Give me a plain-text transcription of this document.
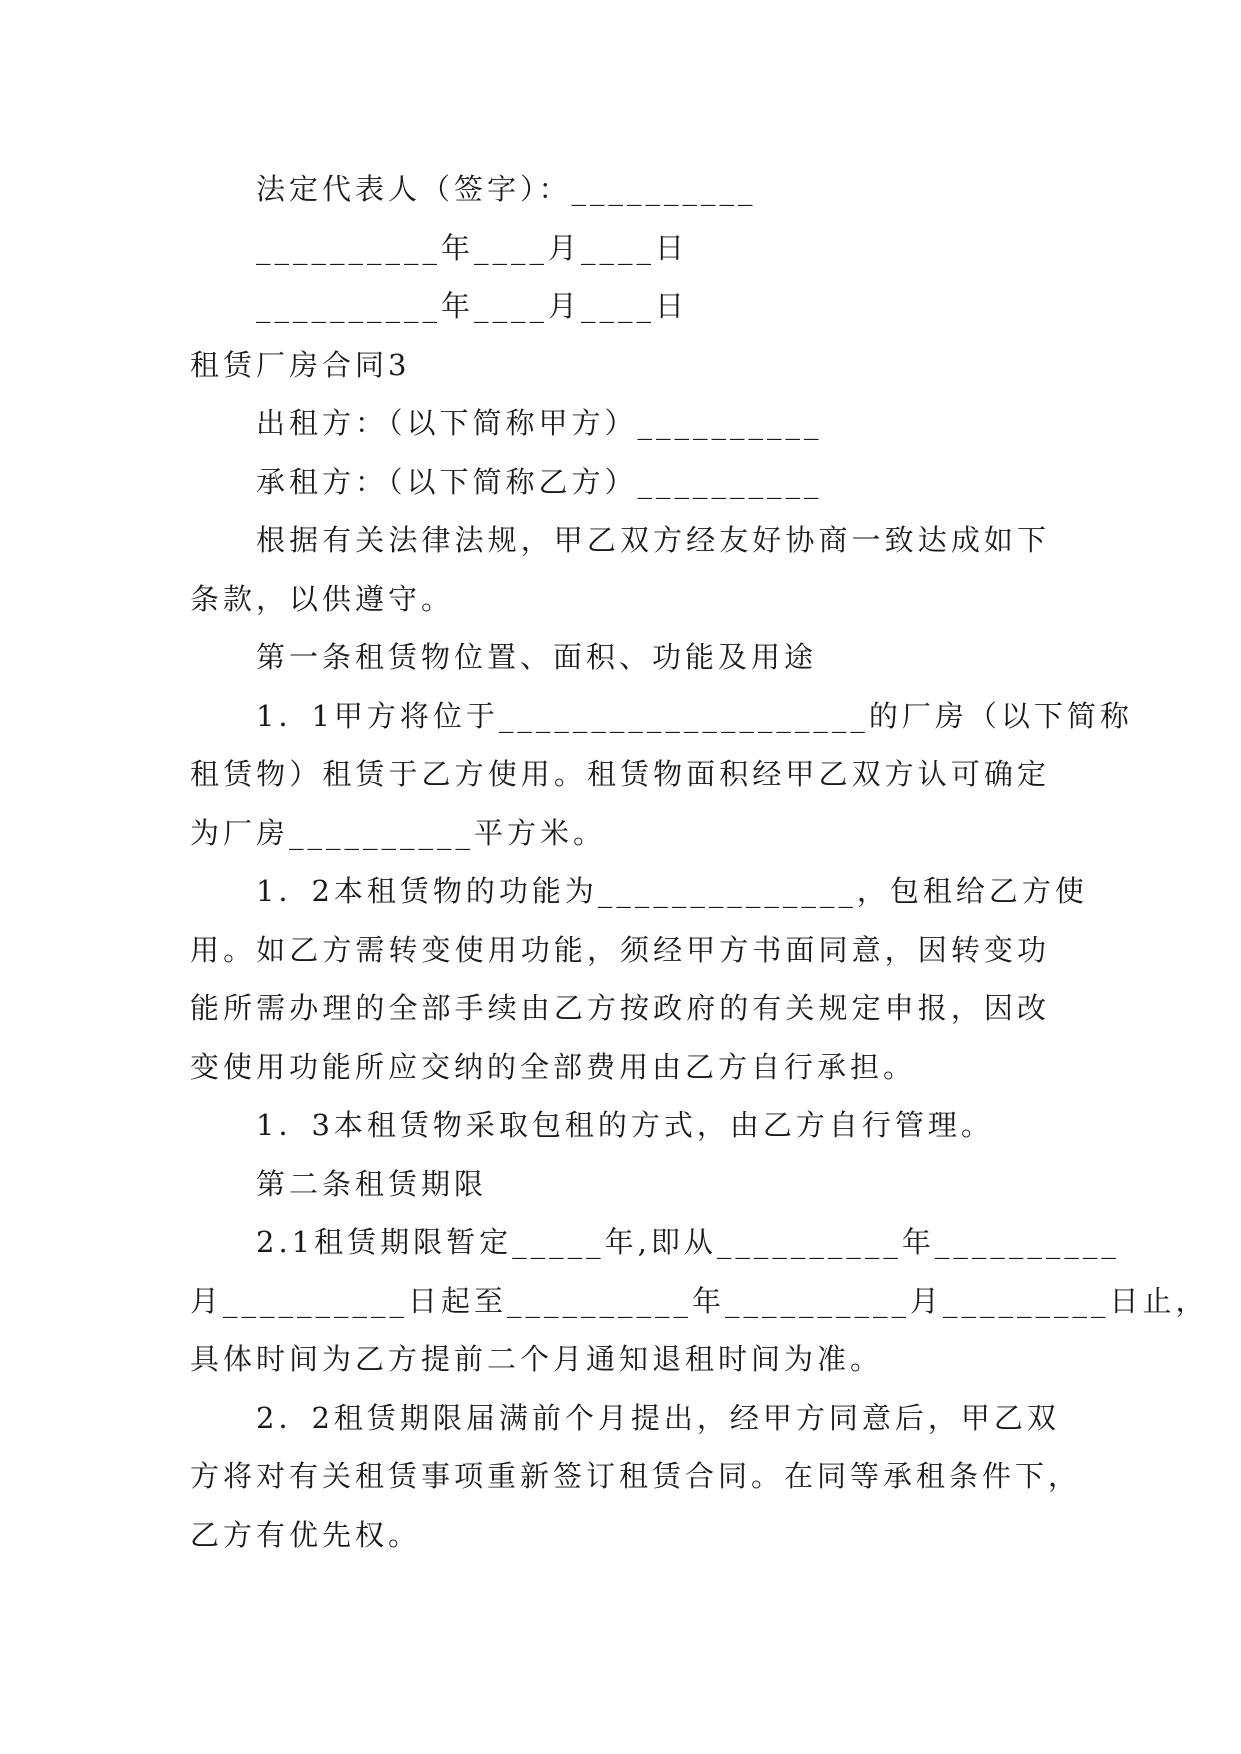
法定代表人（签字）：__________
__________年____月____日
__________年____月____日
租赁厂房合同3
出租方：（以下简称甲方）__________
承租方：（以下简称乙方）__________
根据有关法律法规，甲乙双方经友好协商一致达成如下
条款，以供遵守。
第一条租赁物位置、面积、功能及用途
1．1甲方将位于____________________的厂房（以下简称
租赁物）租赁于乙方使用。租赁物面积经甲乙双方认可确定
为厂房__________平方米。
1．2本租赁物的功能为______________，包租给乙方使
用。如乙方需转变使用功能，须经甲方书面同意，因转变功
能所需办理的全部手续由乙方按政府的有关规定申报，因改
变使用功能所应交纳的全部费用由乙方自行承担。
1．3本租赁物采取包租的方式，由乙方自行管理。
第二条租赁期限
2.1租赁期限暂定_____年,即从__________年__________
月__________日起至__________年__________月_________日止，
具体时间为乙方提前二个月通知退租时间为准。
2．2租赁期限届满前个月提出，经甲方同意后，甲乙双
方将对有关租赁事项重新签订租赁合同。在同等承租条件下，
乙方有优先权。
